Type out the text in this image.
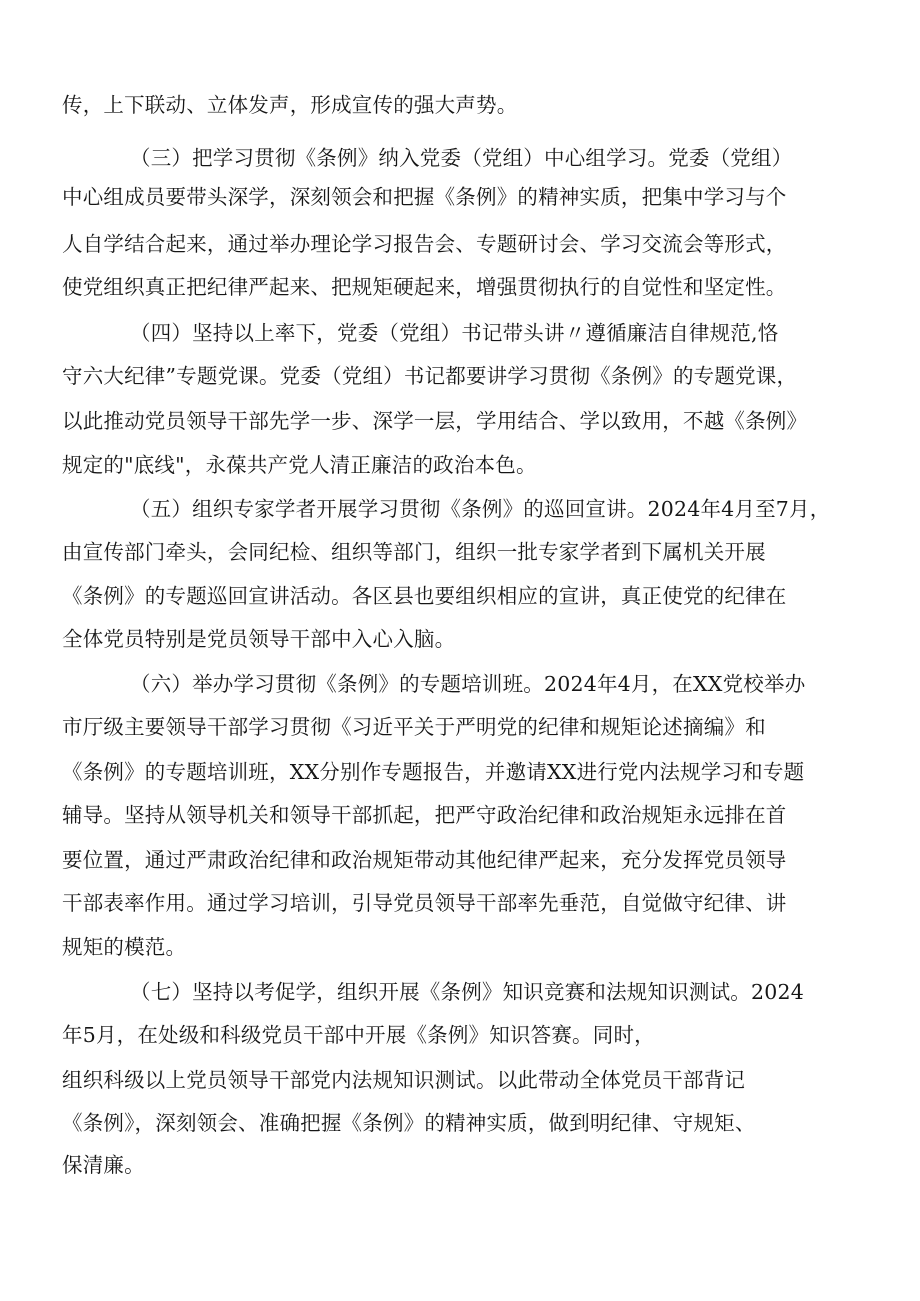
传，上下联动、立体发声，形成宣传的强大声势。

（三）把学习贯彻《条例》纳入党委（党组）中心组学习。党委（党组）

中心组成员要带头深学，深刻领会和把握《条例》的精神实质，把集中学习与个

人自学结合起来，通过举办理论学习报告会、专题研讨会、学习交流会等形式，

使党组织真正把纪律严起来、把规矩硬起来，增强贯彻执行的自觉性和坚定性。

（四）坚持以上率下，党委（党组）书记带头讲〃遵循廉洁自律规范,恪

守六大纪律”专题党课。党委（党组）书记都要讲学习贯彻《条例》的专题党课，

以此推动党员领导干部先学一步、深学一层，学用结合、学以致用，不越《条例》

规定的"底线"，永葆共产党人清正廉洁的政治本色。

（五）组织专家学者开展学习贯彻《条例》的巡回宣讲。2024年4月至7月，

由宣传部门牵头，会同纪检、组织等部门，组织一批专家学者到下属机关开展

《条例》的专题巡回宣讲活动。各区县也要组织相应的宣讲，真正使党的纪律在

全体党员特别是党员领导干部中入心入脑。

（六）举办学习贯彻《条例》的专题培训班。2024年4月，在XX党校举办

市厅级主要领导干部学习贯彻《习近平关于严明党的纪律和规矩论述摘编》和

《条例》的专题培训班，XX分别作专题报告，并邀请XX进行党内法规学习和专题

辅导。坚持从领导机关和领导干部抓起，把严守政治纪律和政治规矩永远排在首

要位置，通过严肃政治纪律和政治规矩带动其他纪律严起来，充分发挥党员领导

干部表率作用。通过学习培训，引导党员领导干部率先垂范，自觉做守纪律、讲

规矩的模范。

（七）坚持以考促学，组织开展《条例》知识竞赛和法规知识测试。2024

年5月，在处级和科级党员干部中开展《条例》知识答赛。同时，

组织科级以上党员领导干部党内法规知识测试。以此带动全体党员干部背记

《条例》，深刻领会、准确把握《条例》的精神实质，做到明纪律、守规矩、

保清廉。
